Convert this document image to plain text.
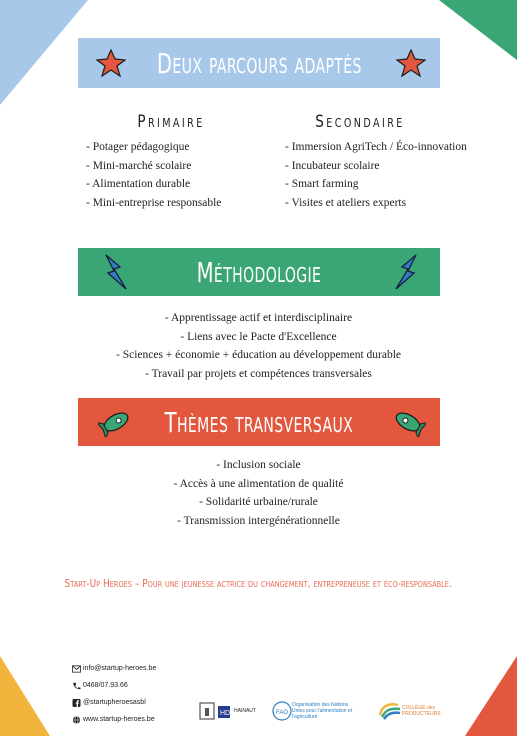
Deux parcours adaptés
Primaire
- Potager pédagogique
- Mini-marché scolaire
- Alimentation durable
- Mini-entreprise responsable
Secondaire
- Immersion AgriTech / Éco-innovation
- Incubateur scolaire
- Smart farming
- Visites et ateliers experts
Méthodologie
- Apprentissage actif et interdisciplinaire
- Liens avec le Pacte d'Excellence
- Sciences + économie + éducation au développement durable
- Travail par projets et compétences transversales
Thèmes transversaux
- Inclusion sociale
- Accès à une alimentation de qualité
- Solidarité urbaine/rurale
- Transmission intergénérationnelle
Start-Up Heroes – Pour une jeunesse actrice du changement, entrepreneuse et éco-responsable.
info@startup-heroes.be
0468/07.93.66
@startupheroesasbl
www.startup-heroes.be
HD HAINAUT	FAO
Organisation des Nations Unies pour l'alimentation et l'agriculture
COLLÈGE des PRODUCTEURS
